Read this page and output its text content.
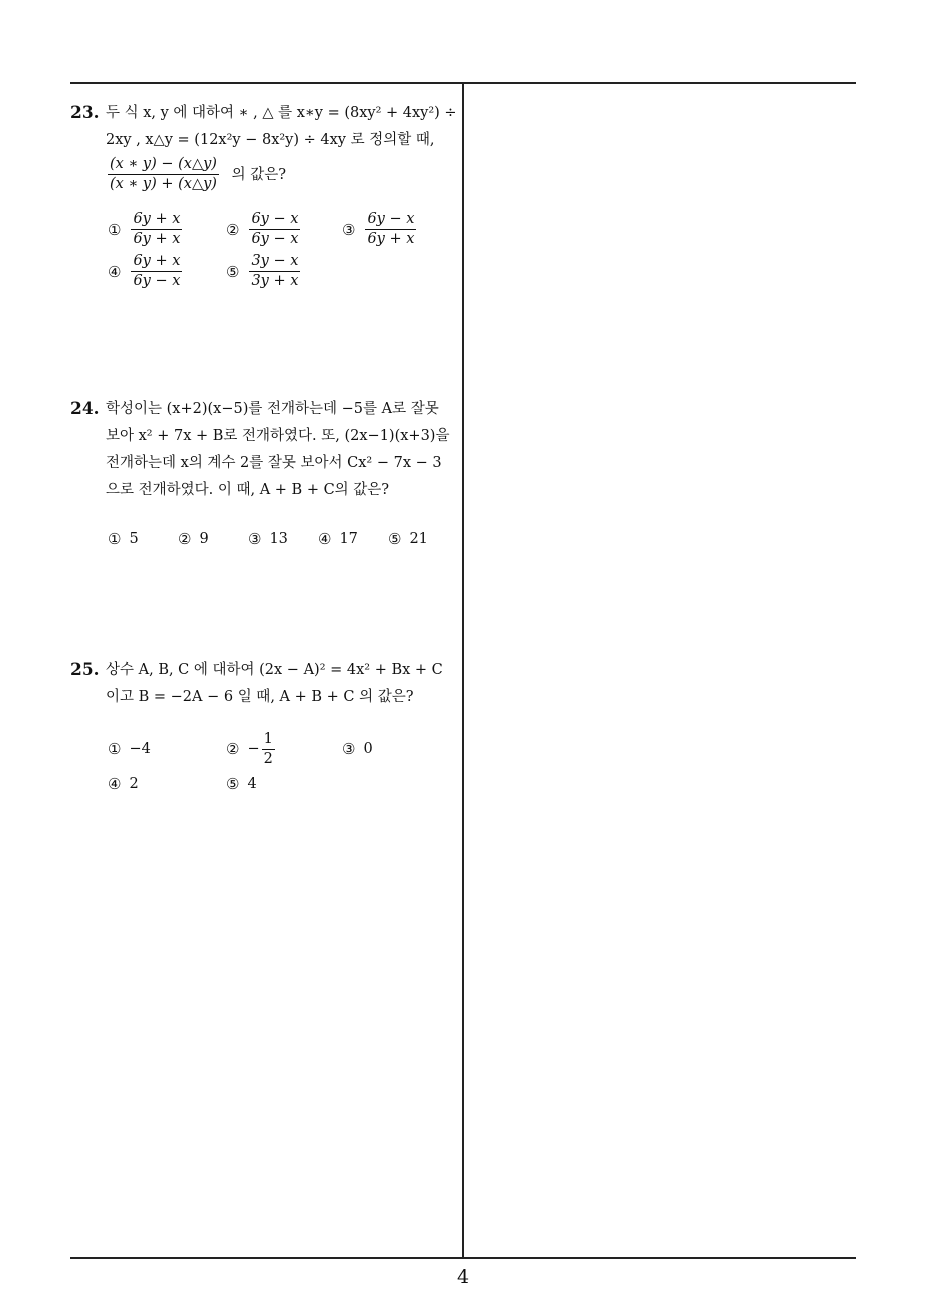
23. 두 식 x, y 에 대하여 ∗ , △ 를 x∗y = (8xy² + 4xy²) ÷
2xy , x△y = (12x²y − 8x²y) ÷ 4xy 로 정의할 때,
$\frac{(x ∗ y) - (x\triangle y)}{(x ∗ y) + (x\triangle y)}$ 의 값은?
① $\frac{6y + x}{6y + x}$	② $\frac{6y - x}{6y - x}$	③ $\frac{6y - x}{6y + x}$
④ $\frac{6y + x}{6y - x}$	⑤ $\frac{3y - x}{3y + x}$
24. 학성이는 (x+2)(x−5)를 전개하는데 −5를 A로 잘못
보아 x² + 7x + B로 전개하였다. 또, (2x−1)(x+3)을
전개하는데 x의 계수 2를 잘못 보아서 Cx² − 7x − 3
으로 전개하였다. 이 때, A + B + C의 값은?
① 5	② 9	③ 13 ④ 17 ⑤ 21
25. 상수 A, B, C 에 대하여 (2x − A)² = 4x² + Bx + C
이고 B = −2A − 6 일 때, A + B + C 의 값은?
① −4	② − $\frac{1}{2}$	③ 0
④ 2	⑤ 4
4
